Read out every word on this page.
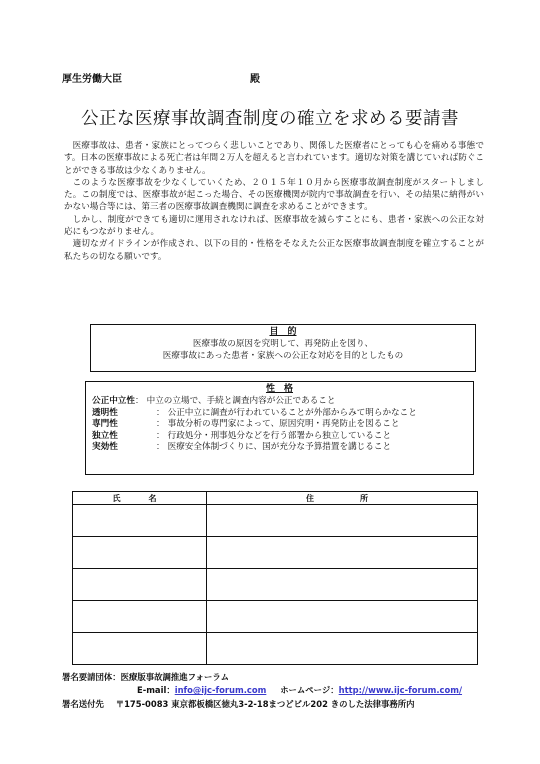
厚生労働大臣	殿
公正な医療事故調査制度の確立を求める要請書

医療事故は、患者・家族にとってつらく悲しいことであり、関係した医療者にとっても心を痛める事態です。日本の医療事故による死亡者は年間２万人を超えると言われています。適切な対策を講じていれば防ぐことができる事故は少なくありません。

このような医療事故を少なくしていくため、２０１５年１０月から医療事故調査制度がスタートしました。この制度では、医療事故が起こった場合、その医療機関が院内で事故調査を行い、その結果に納得がいかない場合等には、第三者の医療事故調査機関に調査を求めることができます。

しかし、制度ができても適切に運用されなければ、医療事故を減らすことにも、患者・家族への公正な対応にもつながりません。

適切なガイドラインが作成され、以下の目的・性格をそなえた公正な医療事故調査制度を確立することが私たちの切なる願いです。

目　的
医療事故の原因を究明して、再発防止を図り、
医療事故にあった患者・家族への公正な対応を目的としたもの
性　格
公正中立性 ： 中立の立場で、手続と調査内容が公正であること
透明性	： 公正中立に調査が行われていることが外部からみて明らかなこと
専門性	： 事故分析の専門家によって、原因究明・再発防止を図ること
独立性	： 行政処分・刑事処分などを行う部署から独立していること
実効性	： 医療安全体制づくりに、国が充分な予算措置を講じること
氏　名	住　　所

署名要請団体：医療版事故調推進フォーラム
E-mail：info@ijc-forum.com ホームページ：http://www.ijc-forum.com/
署名送付先 〒175-0083 東京都板橋区徳丸3-2-18まつどビル202 きのした法律事務所内
